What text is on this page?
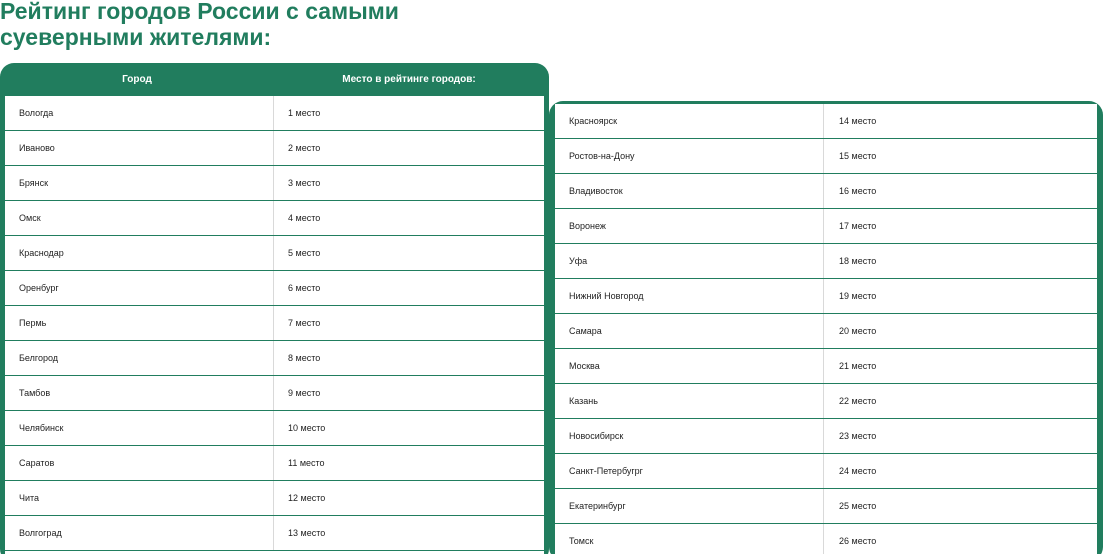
Рейтинг городов России с самыми суеверными жителями:
Город	Место в рейтинге городов:
Вологда	1 место
Иваново	2 место
Брянск	3 место
Омск	4 место
Краснодар	5 место
Оренбург	6 место
Пермь	7 место
Белгород	8 место
Тамбов	9 место
Челябинск	10 место
Саратов	11 место
Чита	12 место
Волгоград	13 место
Красноярск	14 место
Ростов-на-Дону	15 место
Владивосток	16 место
Воронеж	17 место
Уфа	18 место
Нижний Новгород	19 место
Самара	20 место
Москва	21 место
Казань	22 место
Новосибирск	23 место
Санкт-Петербугрг	24 место
Екатеринбург	25 место
Томск	26 место
